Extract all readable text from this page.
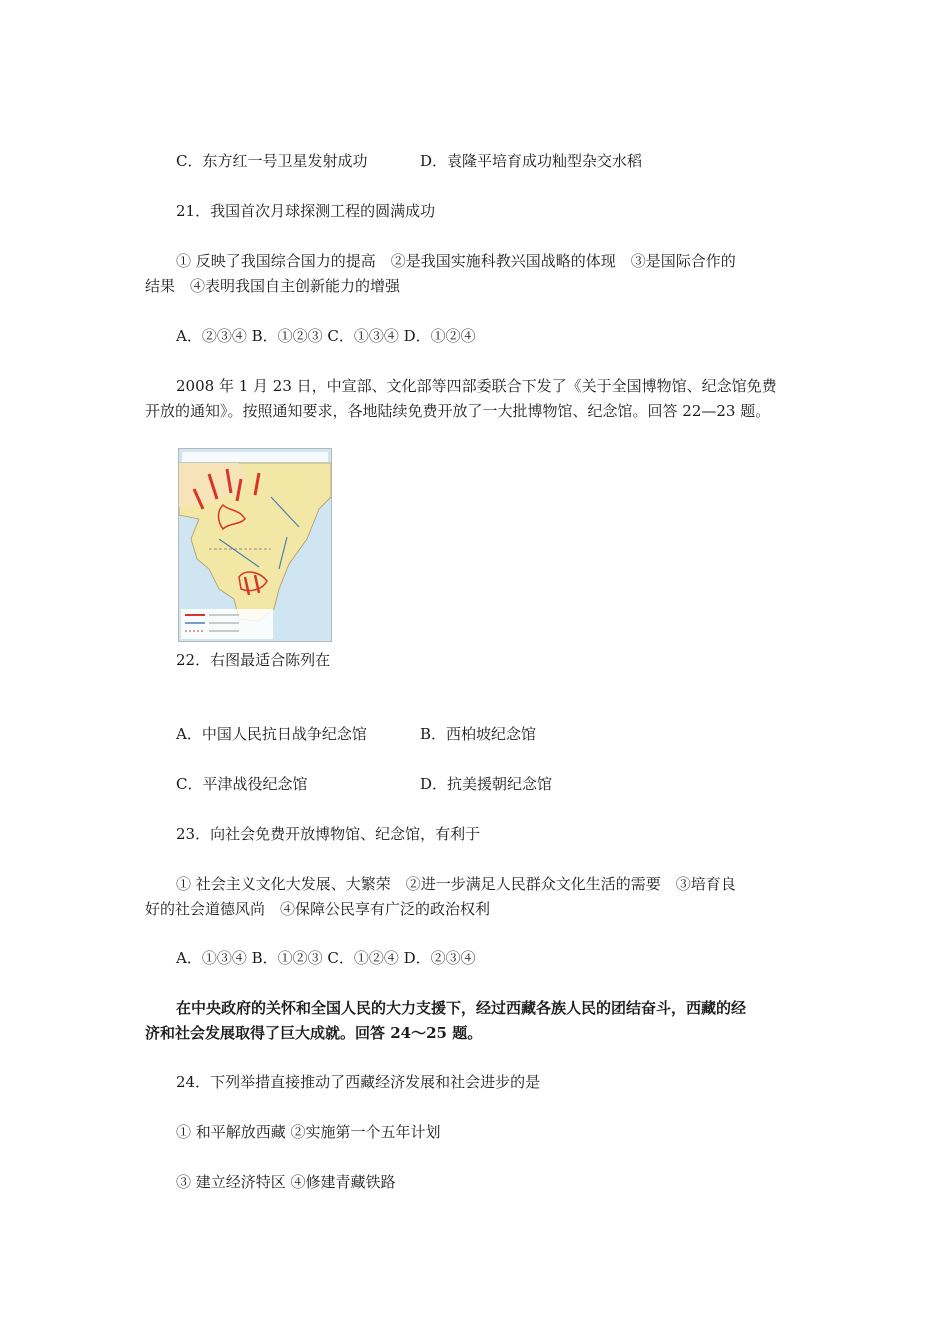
C．东方红一号卫星发射成功	D．袁隆平培育成功籼型杂交水稻
21．我国首次月球探测工程的圆满成功
① 反映了我国综合国力的提高　②是我国实施科教兴国战略的体现　③是国际合作的
结果　④表明我国自主创新能力的增强
A．②③④ B．①②③ C．①③④ D．①②④
2008 年 1 月 23 日，中宣部、文化部等四部委联合下发了《关于全国博物馆、纪念馆免费
开放的通知》。按照通知要求，各地陆续免费开放了一大批博物馆、纪念馆。回答 22—23 题。
22．右图最适合陈列在
A．中国人民抗日战争纪念馆	B．西柏坡纪念馆
C．平津战役纪念馆	D．抗美援朝纪念馆
23．向社会免费开放博物馆、纪念馆，有利于
① 社会主义文化大发展、大繁荣　②进一步满足人民群众文化生活的需要　③培育良
好的社会道德风尚　④保障公民享有广泛的政治权利
A．①③④ B．①②③ C．①②④ D．②③④
在中央政府的关怀和全国人民的大力支援下，经过西藏各族人民的团结奋斗，西藏的经
济和社会发展取得了巨大成就。回答 24～25 题。
24．下列举措直接推动了西藏经济发展和社会进步的是
① 和平解放西藏 ②实施第一个五年计划
③ 建立经济特区 ④修建青藏铁路
